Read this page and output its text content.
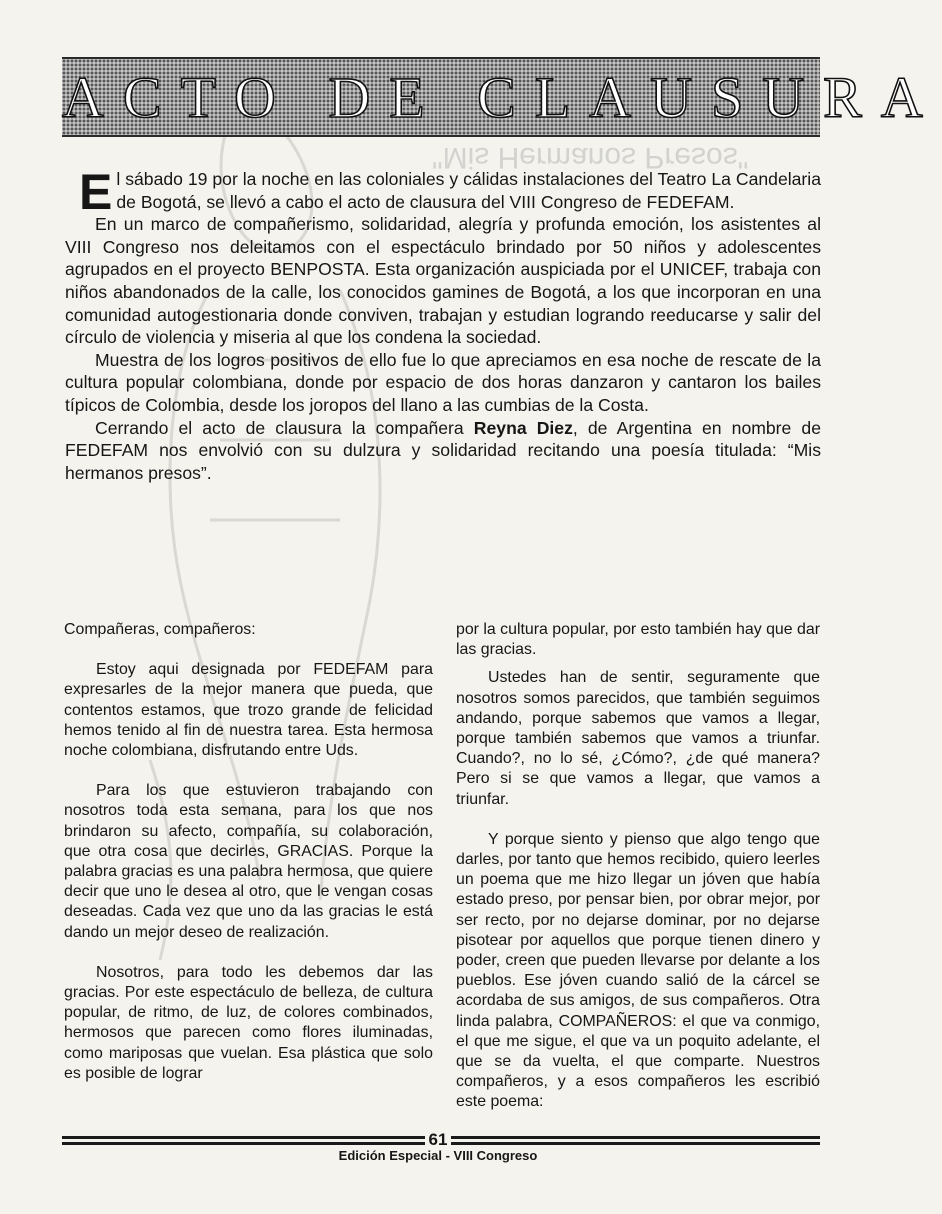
"Mis Hermanos Presos"
ACTO DE CLAUSURA

El sábado 19 por la noche en las coloniales y cálidas instalaciones del Teatro La Candelaria de Bogotá, se llevó a cabo el acto de clausura del VIII Congreso de FEDEFAM.

En un marco de compañerismo, solidaridad, alegría y profunda emoción, los asistentes al VIII Congreso nos deleitamos con el espectáculo brindado por 50 niños y adolescentes agrupados en el proyecto BENPOSTA. Esta organización auspiciada por el UNICEF, trabaja con niños abandonados de la calle, los conocidos gamines de Bogotá, a los que incorporan en una comunidad autogestionaria donde conviven, trabajan y estudian logrando reeducarse y salir del círculo de violencia y miseria al que los condena la sociedad.

Muestra de los logros positivos de ello fue lo que apreciamos en esa noche de rescate de la cultura popular colombiana, donde por espacio de dos horas danzaron y cantaron los bailes típicos de Colombia, desde los joropos del llano a las cumbias de la Costa.

Cerrando el acto de clausura la compañera Reyna Diez, de Argentina en nombre de FEDEFAM nos envolvió con su dulzura y solidaridad recitando una poesía titulada: “Mis hermanos presos”.

Compañeras, compañeros:

Estoy aqui designada por FEDEFAM para expresarles de la mejor manera que pueda, que contentos estamos, que trozo grande de felicidad hemos tenido al fin de nuestra tarea. Esta hermosa noche colombiana, disfrutando entre Uds.

Para los que estuvieron trabajando con nosotros toda esta semana, para los que nos brindaron su afecto, compañía, su colaboración, que otra cosa que decirles, GRACIAS. Porque la palabra gracias es una palabra hermosa, que quiere decir que uno le desea al otro, que le vengan cosas deseadas. Cada vez que uno da las gracias le está dando un mejor deseo de realización.

Nosotros, para todo les debemos dar las gracias. Por este espectáculo de belleza, de cultura popular, de ritmo, de luz, de colores combinados, hermosos que parecen como flores iluminadas, como mariposas que vuelan. Esa plástica que solo es posible de lograr

por la cultura popular, por esto también hay que dar las gracias.

Ustedes han de sentir, seguramente que nosotros somos parecidos, que también seguimos andando, porque sabemos que vamos a llegar, porque también sabemos que vamos a triunfar. Cuando?, no lo sé, ¿Cómo?, ¿de qué manera? Pero si se que vamos a llegar, que vamos a triunfar.

Y porque siento y pienso que algo tengo que darles, por tanto que hemos recibido, quiero leerles un poema que me hizo llegar un jóven que había estado preso, por pensar bien, por obrar mejor, por ser recto, por no dejarse dominar, por no dejarse pisotear por aquellos que porque tienen dinero y poder, creen que pueden llevarse por delante a los pueblos. Ese jóven cuando salió de la cárcel se acordaba de sus amigos, de sus compañeros. Otra linda palabra, COMPAÑEROS: el que va conmigo, el que me sigue, el que va un poquito adelante, el que se da vuelta, el que comparte. Nuestros compañeros, y a esos compañeros les escribió este poema:

61
Edición Especial - VIII Congreso
